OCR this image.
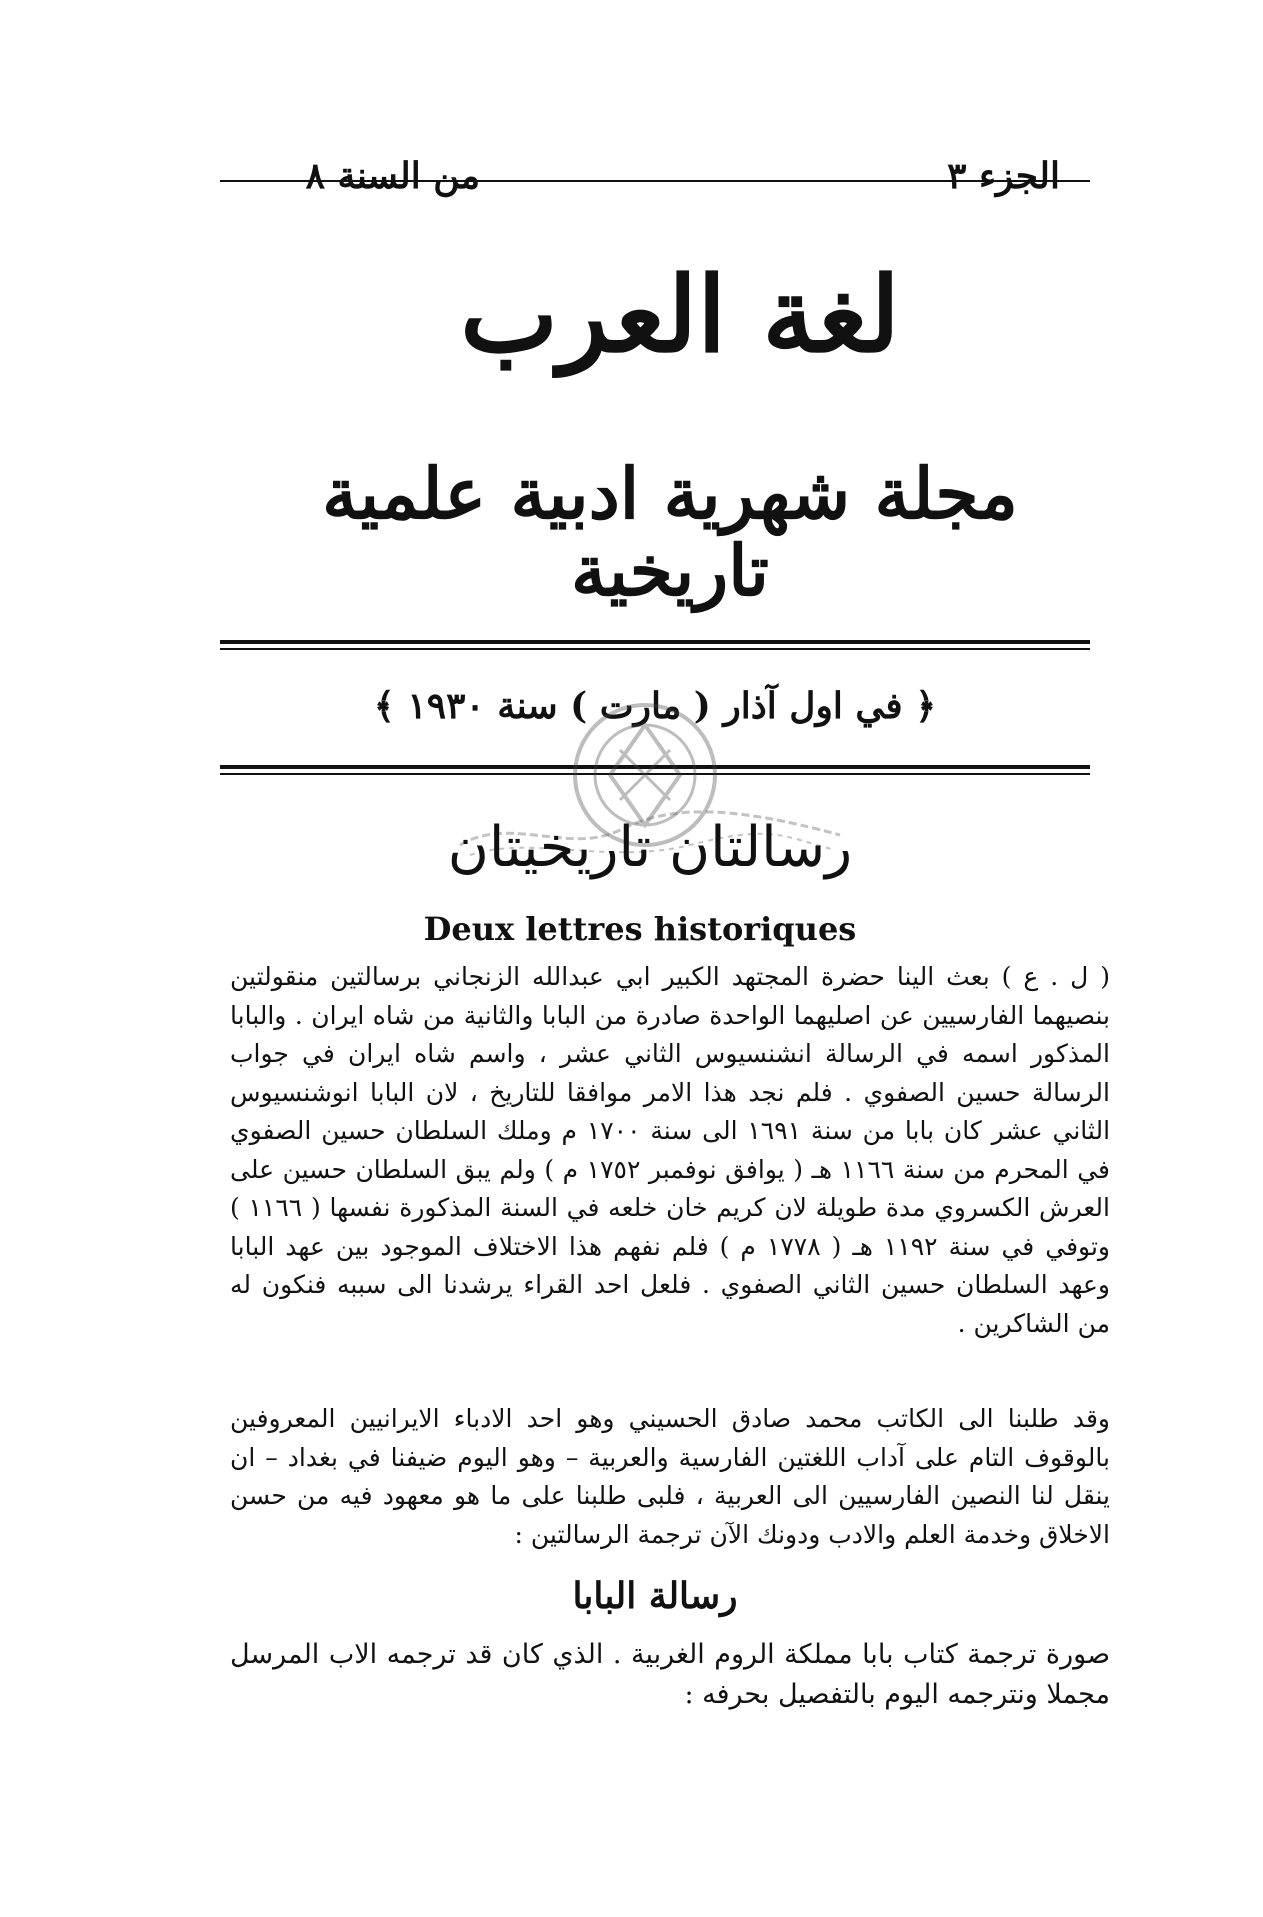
الجزء ٣
من السنة ٨
لغة العرب
مجلة شهرية ادبية علمية تاريخية
﴿ في اول آذار ( مارت ) سنة ١٩٣٠ ﴾
رسالتان تاريخيتان
Deux lettres historiques
( ل . ع ) بعث الينا حضرة المجتهد الكبير ابي عبدالله الزنجاني برسالتين منقولتين بنصيهما الفارسيين عن اصليهما الواحدة صادرة من البابا والثانية من شاه ايران . والبابا المذكور اسمه في الرسالة انشنسيوس الثاني عشر ، واسم شاه ايران في جواب الرسالة حسين الصفوي . فلم نجد هذا الامر موافقا للتاريخ ، لان البابا انوشنسيوس الثاني عشر كان بابا من سنة ١٦٩١ الى سنة ١٧٠٠ م وملك السلطان حسين الصفوي في المحرم من سنة ١١٦٦ هـ ( يوافق نوفمبر ١٧٥٢ م ) ولم يبق السلطان حسين على العرش الكسروي مدة طويلة لان كريم خان خلعه في السنة المذكورة نفسها ( ١١٦٦ ) وتوفي في سنة ١١٩٢ هـ ( ١٧٧٨ م ) فلم نفهم هذا الاختلاف الموجود بين عهد البابا وعهد السلطان حسين الثاني الصفوي . فلعل احد القراء يرشدنا الى سببه فنكون له من الشاكرين .
وقد طلبنا الى الكاتب محمد صادق الحسيني وهو احد الادباء الايرانيين المعروفين بالوقوف التام على آداب اللغتين الفارسية والعربية – وهو اليوم ضيفنا في بغداد – ان ينقل لنا النصين الفارسيين الى العربية ، فلبى طلبنا على ما هو معهود فيه من حسن الاخلاق وخدمة العلم والادب ودونك الآن ترجمة الرسالتين :
رسالة البابا
صورة ترجمة كتاب بابا مملكة الروم الغربية . الذي كان قد ترجمه الاب المرسل مجملا ونترجمه اليوم بالتفصيل بحرفه :
